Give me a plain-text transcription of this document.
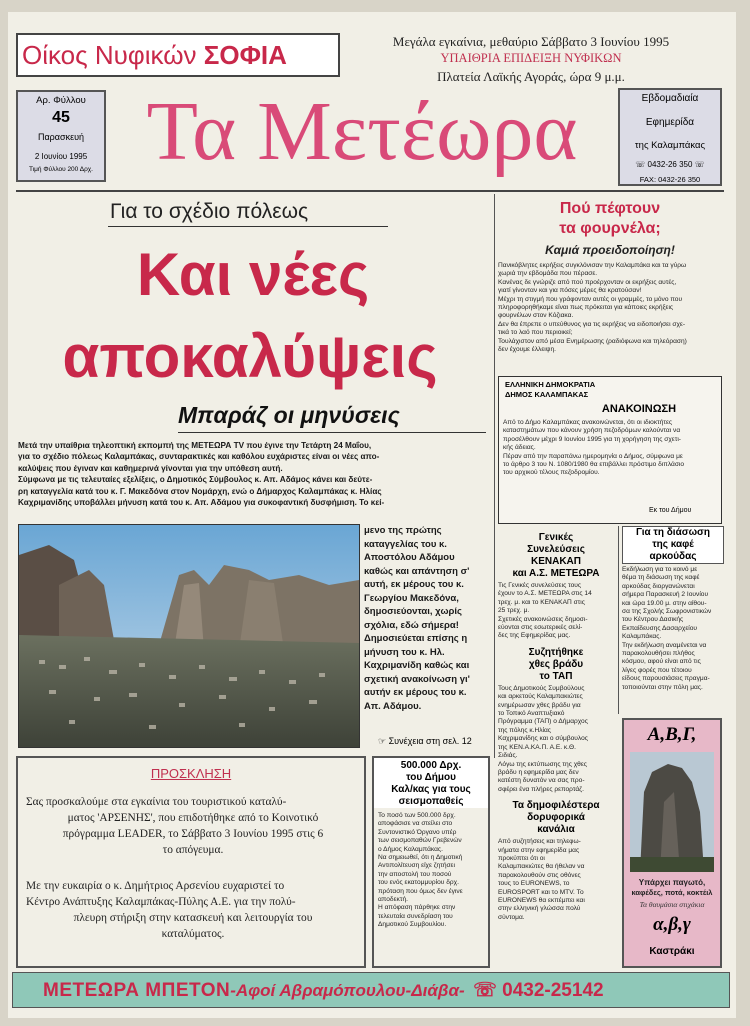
Οίκος Νυφικών ΣΟΦΙΑ	Μεγάλα εγκαίνια, μεθαύριο Σάββατο 3 Ιουνίου 1995
ΥΠΑΙΘΡΙΑ ΕΠΙΔΕΙΞΗ ΝΥΦΙΚΩΝ
Πλατεία Λαϊκής Αγοράς, ώρα 9 μ.μ.
Αρ. Φύλλου
45
Παρασκευή
2 Ιουνίου 1995
Τιμή Φύλλου 200 Δρχ. Τα Μετέωρα	Εβδομαδιαία
Εφημερίδα
της Καλαμπάκας
☏ 0432-26 350 ☏
FAX: 0432-26 350
Για το σχέδιο πόλεως
Και νέες
αποκαλύψεις
Μπαράζ οι μηνύσεις

Μετά την υπαίθρια τηλεοπτική εκπομπή της ΜΕΤΕΩΡΑ TV που έγινε την Τετάρτη 24 Μαΐου,

για το σχέδιο πόλεως Καλαμπάκας, συνταρακτικές και καθόλου ευχάριστες είναι οι νέες απο-

καλύψεις που έγιναν και καθημερινά γίνονται για την υπόθεση αυτή.

Σύμφωνα με τις τελευταίες εξελίξεις, ο Δημοτικός Σύμβουλος κ. Απ. Αδάμος κάνει και δεύτε-

ρη καταγγελία κατά του κ. Γ. Μακεδόνα στον Νομάρχη, ενώ ο Δήμαρχος Καλαμπάκας κ. Ηλίας

Καχριμανίδης υποβάλλει μήνυση κατά του κ. Απ. Αδάμου για συκοφαντική δυσφήμιση. Το κεί-

μενο της πρώτης

καταγγελίας του κ.

Αποστόλου Αδάμου

καθώς και απάντηση σ'

αυτή, εκ μέρους του κ.

Γεωργίου Μακεδόνα,

δημοσιεύονται, χωρίς

σχόλια, εδώ σήμερα!

Δημοσιεύεται επίσης η

μήνυση του κ. Ηλ.

Καχριμανίδη καθώς και

σχετική ανακοίνωση γι'

αυτήν εκ μέρους του κ.

Απ. Αδάμου.

☞ Συνέχεια στη σελ. 12
Πού πέφτουν
τα φουρνέλα;
Καμιά προειδοποίηση!

Πανικόβλητες εκρήξεις συγκλόνισαν την Καλαμπάκα και τα γύρω

χωριά την εβδομάδα που πέρασε.

Κανένας δε γνώριζε από πού προέρχονταν οι εκρήξεις αυτές,

γιατί γίνονταν και για πόσες μέρες θα κρατούσαν!

Μέχρι τη στιγμή που γράφονταν αυτές οι γραμμές, το μόνο που

πληροφορηθήκαμε είναι πως πρόκειται για κάποιες εκρήξεις

φουρνέλων στον Κόζιακα.

Δεν θα έπρεπε ο υπεύθυνος για τις εκρήξεις να ειδοποιήσει σχε-

τικά το λαό που περιοικεί;

Τουλάχιστον από μέσα Ενημέρωσης (ραδιόφωνα και τηλεόραση)

δεν έχουμε έλλειψη.

ΕΛΛΗΝΙΚΗ ΔΗΜΟΚΡΑΤΙΑ
ΔΗΜΟΣ ΚΑΛΑΜΠΑΚΑΣ
ΑΝΑΚΟΙΝΩΣΗ

Από το Δήμο Καλαμπάκας ανακοινώνεται, ότι οι ιδιοκτήτες

καταστημάτων που κάνουν χρήση πεζοδρόμων καλούνται να

προσέλθουν μέχρι 9 Ιουνίου 1995 για τη χορήγηση της σχετι-

κής άδειας.

Πέραν από την παραπάνω ημερομηνία ο Δήμος, σύμφωνα με

το άρθρο 3 του Ν. 1080/1980 θα επιβάλλει πρόστιμο διπλάσιο

του αρχικού τέλους πεζοδρομίου.

Εκ του Δήμου

Γενικές

Συνελεύσεις

ΚΕΝΑΚΑΠ

και Α.Σ. ΜΕΤΕΩΡΑ

Τις Γενικές συνελεύσεις τους

έχουν το Α.Σ. ΜΕΤΕΩΡΑ στις 14

τρεχ. μ. και το ΚΕΝΑΚΑΠ στις

25 τρεχ. μ.

Σχετικές ανακοινώσεις δημοσι-

εύονται στις εσωτερικές σελί-

δες της Εφημερίδας μας.

Συζητήθηκε

χθες βράδυ

το ΤΑΠ

Τους Δημοτικούς Συμβούλους

και αρκετούς Καλαμπακιώτες

ενημέρωσαν χθες βράδυ για

το Τοπικό Αναπτυξιακό

Πρόγραμμα (ΤΑΠ) ο Δήμαρχος

της πόλης κ.Ηλίας

Καχριμανίδης και ο σύμβουλος

της ΚΕΝ.Α.ΚΑ.Π. Α.Ε. κ.Θ.

Σιδιάς.

Λόγω της εκτύπωσης της χθες

βράδυ η εφημερίδα μας δεν

κατέστη δυνατόν να σας προ-

σφέρει ένα πλήρες ρεπορτάζ.

Τα δημοφιλέστερα

δορυφορικά

κανάλια

Από συζητήσεις και τηλεφω-

νήματα στην εφημερίδα μας

προκύπτει ότι οι

Καλαμπακιώτες θα ήθελαν να

παρακολουθούν στις οθόνες

τους το EURONEWS, το

EUROSPORT και το MTV. Το

EURONEWS θα εκπέμπει και

στην ελληνική γλώσσα πολύ

σύντομα.

Για τη διάσωση

της καφέ

αρκούδας

Εκδήλωση για το κοινό με

θέμα τη διάσωση της καφέ

αρκούδας διοργανώνεται

σήμερα Παρασκευή 2 Ιουνίου

και ώρα 19.00 μ. στην αίθου-

σα της Σχολής Σωφρονιστικών

του Κέντρου Δασικής

Εκπαίδευσης Δασαρχείου

Καλαμπάκας.

Την εκδήλωση αναμένεται να

παρακολουθήσει πλήθος

κόσμου, αφού είναι από τις

λίγες φορές που τέτοιου

είδους παρουσιάσεις πραγμα-

τοποιούνται στην πόλη μας.

Α,Β,Γ,
Υπάρχει παγωτό,
καφέδες, ποτά, κοκτέιλ
Τα θαυμάσια στιχάκια
α,β,γ
Καστράκι

500.000 Δρχ.

του Δήμου

Καλ/κας για τους

σεισμοπαθείς

Το ποσό των 500.000 δρχ.

αποφάσισε να στείλει στο

Συντονιστικό Όργανο υπέρ

των σεισμοπαθών Γρεβενών

ο Δήμος Καλαμπάκας.

Να σημειωθεί, ότι η Δημοτική

Αντιπολίτευση είχε ζητήσει

την αποστολή του ποσού

του ενός εκατομμυρίου δρχ.

πρόταση που όμως δεν έγινε

αποδεκτή.

Η απόφαση πάρθηκε στην

τελευταία συνεδρίαση του

Δημοτικού Συμβουλίου.

ΠΡΟΣΚΛΗΣΗ

Σας προσκαλούμε στα εγκαίνια του τουριστικού καταλύ-

ματος 'ΑΡΣΕΝΗΣ', που επιδοτήθηκε από το Κοινοτικό

πρόγραμμα LEADER, το Σάββατο 3 Ιουνίου 1995 στις 6

το απόγευμα.

Με την ευκαιρία ο κ. Δημήτριος Αρσενίου ευχαριστεί το

Κέντρο Ανάπτυξης Καλαμπάκας-Πύλης Α.Ε. για την πολύ-

πλευρη στήριξη στην κατασκευή και λειτουργία του

καταλύματος.

ΜΕΤΕΩΡΑ ΜΠΕΤΟΝ-Αφοί Αβραμόπουλου-Διάβα- ☏ 0432-25142
